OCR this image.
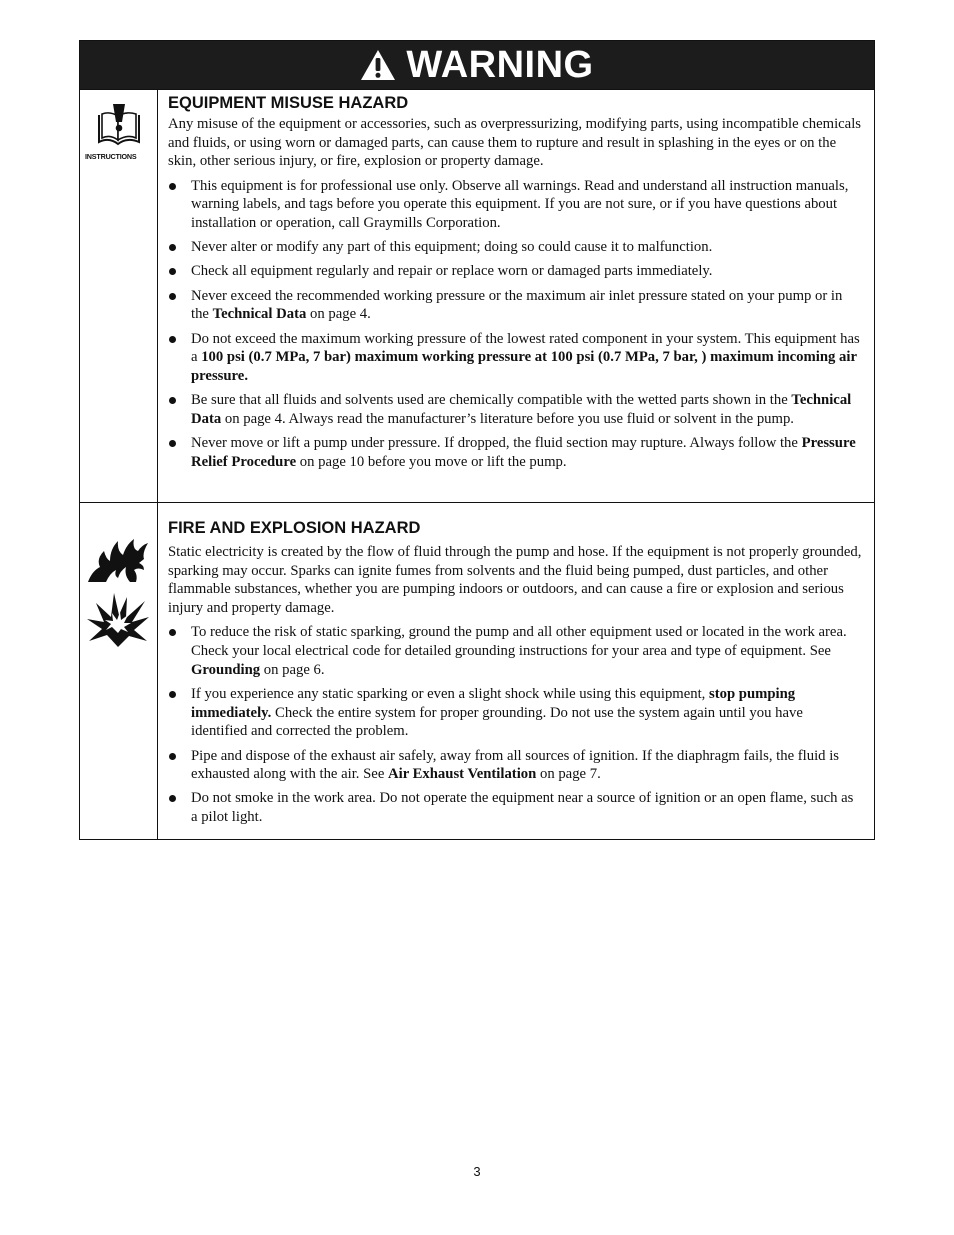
WARNING
INSTRUCTIONS
EQUIPMENT MISUSE HAZARD

Any misuse of the equipment or accessories, such as overpressurizing, modifying parts, using incompatible chemicals and fluids, or using worn or damaged parts, can cause them to rupture and result in splashing in the eyes or on the skin, other serious injury, or fire, explosion or property damage.

This equipment is for professional use only. Observe all warnings. Read and understand all instruction manuals, warning labels, and tags before you operate this equipment. If you are not sure, or if you have questions about installation or operation, call Graymills Corporation.
Never alter or modify any part of this equipment; doing so could cause it to malfunction.
Check all equipment regularly and repair or replace worn or damaged parts immediately.
Never exceed the recommended working pressure or the maximum air inlet pressure stated on your pump or in the Technical Data on page 4.
Do not exceed the maximum working pressure of the lowest rated component in your system. This equipment has a 100 psi (0.7 MPa, 7 bar) maximum working pressure at 100 psi (0.7 MPa, 7 bar, ) maximum incoming air pressure.
Be sure that all fluids and solvents used are chemically compatible with the wetted parts shown in the Technical Data on page 4. Always read the manufacturer’s literature before you use fluid or solvent in the pump.
Never move or lift a pump under pressure. If dropped, the fluid section may rupture. Always follow the Pressure Relief Procedure on page 10 before you move or lift the pump.
FIRE AND EXPLOSION HAZARD

Static electricity is created by the flow of fluid through the pump and hose. If the equipment is not properly grounded, sparking may occur. Sparks can ignite fumes from solvents and the fluid being pumped, dust particles, and other flammable substances, whether you are pumping indoors or outdoors, and can cause a fire or explosion and serious injury and property damage.

To reduce the risk of static sparking, ground the pump and all other equipment used or located in the work area. Check your local electrical code for detailed grounding instructions for your area and type of equipment. See Grounding on page 6.
If you experience any static sparking or even a slight shock while using this equipment, stop pumping immediately. Check the entire system for proper grounding. Do not use the system again until you have identified and corrected the problem.
Pipe and dispose of the exhaust air safely, away from all sources of ignition. If the diaphragm fails, the fluid is exhausted along with the air. See Air Exhaust Ventilation on page 7.
Do not smoke in the work area. Do not operate the equipment near a source of ignition or an open flame, such as a pilot light.
3
